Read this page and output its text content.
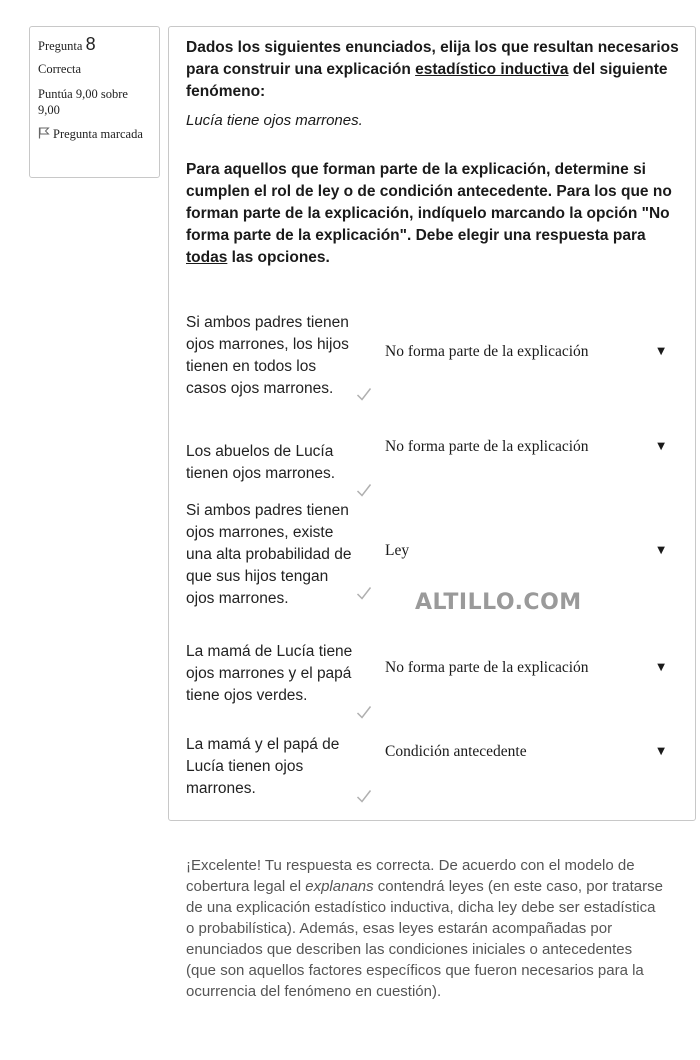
Pregunta 8
Correcta
Puntúa 9,00 sobre 9,00
Pregunta marcada

Dados los siguientes enunciados, elija los que resultan necesarios para construir una explicación estadístico inductiva del siguiente fenómeno:

Lucía tiene ojos marrones.

Para aquellos que forman parte de la explicación, determine si cumplen el rol de ley o de condición antecedente. Para los que no forman parte de la explicación, indíquelo marcando la opción "No forma parte de la explicación". Debe elegir una respuesta para todas las opciones.

Si ambos padres tienen ojos marrones, los hijos tienen en todos los casos ojos marrones.
No forma parte de la explicación	▼
Los abuelos de Lucía tienen ojos marrones.
No forma parte de la explicación	▼
Si ambos padres tienen ojos marrones, existe una alta probabilidad de que sus hijos tengan ojos marrones.
Ley	▼
La mamá de Lucía tiene ojos marrones y el papá tiene ojos verdes.
No forma parte de la explicación	▼
La mamá y el papá de Lucía tienen ojos marrones.
Condición antecedente	▼
ALTILLO.COM
¡Excelente! Tu respuesta es correcta. De acuerdo con el modelo de cobertura legal el explanans contendrá leyes (en este caso, por tratarse de una explicación estadístico inductiva, dicha ley debe ser estadística o probabilística). Además, esas leyes estarán acompañadas por enunciados que describen las condiciones iniciales o antecedentes (que son aquellos factores específicos que fueron necesarios para la ocurrencia del fenómeno en cuestión).
